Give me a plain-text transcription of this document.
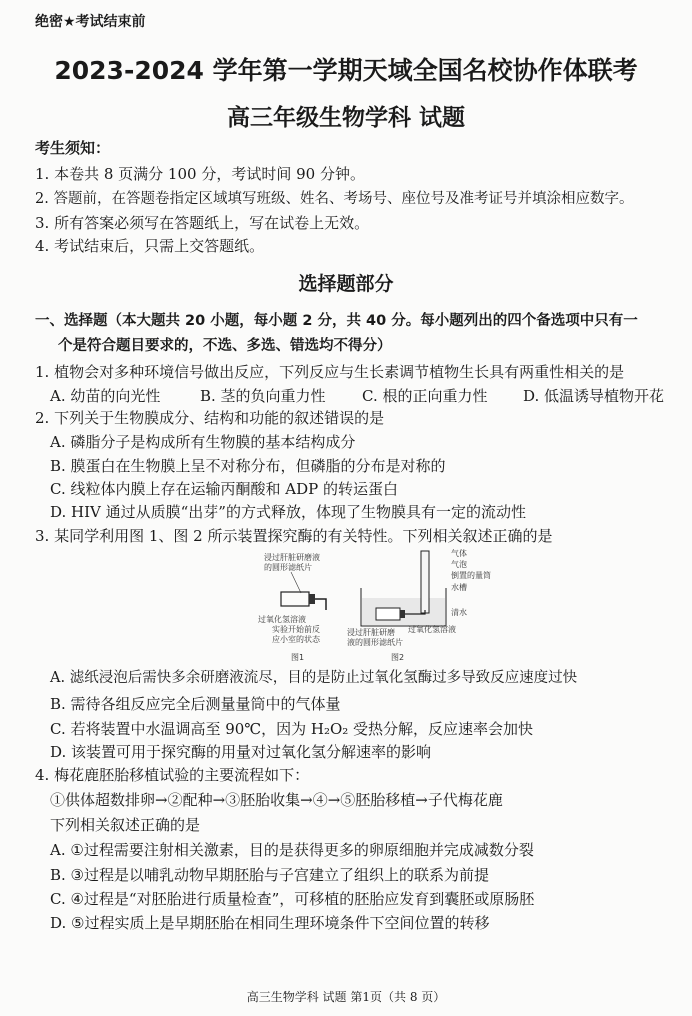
绝密★考试结束前
2023-2024 学年第一学期天域全国名校协作体联考
高三年级生物学科 试题
考生须知：
1. 本卷共 8 页满分 100 分，考试时间 90 分钟。
2. 答题前，在答题卷指定区域填写班级、姓名、考场号、座位号及准考证号并填涂相应数字。
3. 所有答案必须写在答题纸上，写在试卷上无效。
4. 考试结束后，只需上交答题纸。
选择题部分
一、选择题（本大题共 20 小题，每小题 2 分，共 40 分。每小题列出的四个备选项中只有一
个是符合题目要求的，不选、多选、错选均不得分）
1. 植物会对多种环境信号做出反应，下列反应与生长素调节植物生长具有两重性相关的是
A. 幼苗的向光性	B. 茎的负向重力性 C. 根的正向重力性 D. 低温诱导植物开花
2. 下列关于生物膜成分、结构和功能的叙述错误的是
A. 磷脂分子是构成所有生物膜的基本结构成分
B. 膜蛋白在生物膜上呈不对称分布，但磷脂的分布是对称的
C. 线粒体内膜上存在运输丙酮酸和 ADP 的转运蛋白
D. HIV 通过从质膜“出芽”的方式释放，体现了生物膜具有一定的流动性
3. 某同学利用图 1、图 2 所示装置探究酶的有关特性。下列相关叙述正确的是
浸过肝脏研磨液
的圆形滤纸片
过氧化氢溶液
实验开始前反
应小室的状态
图1
气体
气泡
倒置的量筒
水槽
清水
浸过肝脏研磨
液的圆形滤纸片
过氧化氢溶液
图2
A. 滤纸浸泡后需快多余研磨液流尽，目的是防止过氧化氢酶过多导致反应速度过快
B. 需待各组反应完全后测量量筒中的气体量
C. 若将装置中水温调高至 90℃，因为 H₂O₂ 受热分解，反应速率会加快
D. 该装置可用于探究酶的用量对过氧化氢分解速率的影响
4. 梅花鹿胚胎移植试验的主要流程如下：
①供体超数排卵→②配种→③胚胎收集→④→⑤胚胎移植→子代梅花鹿
下列相关叙述正确的是
A. ①过程需要注射相关激素，目的是获得更多的卵原细胞并完成减数分裂
B. ③过程是以哺乳动物早期胚胎与子宫建立了组织上的联系为前提
C. ④过程是“对胚胎进行质量检查”，可移植的胚胎应发育到囊胚或原肠胚
D. ⑤过程实质上是早期胚胎在相同生理环境条件下空间位置的转移
高三生物学科 试题 第1页（共 8 页）
